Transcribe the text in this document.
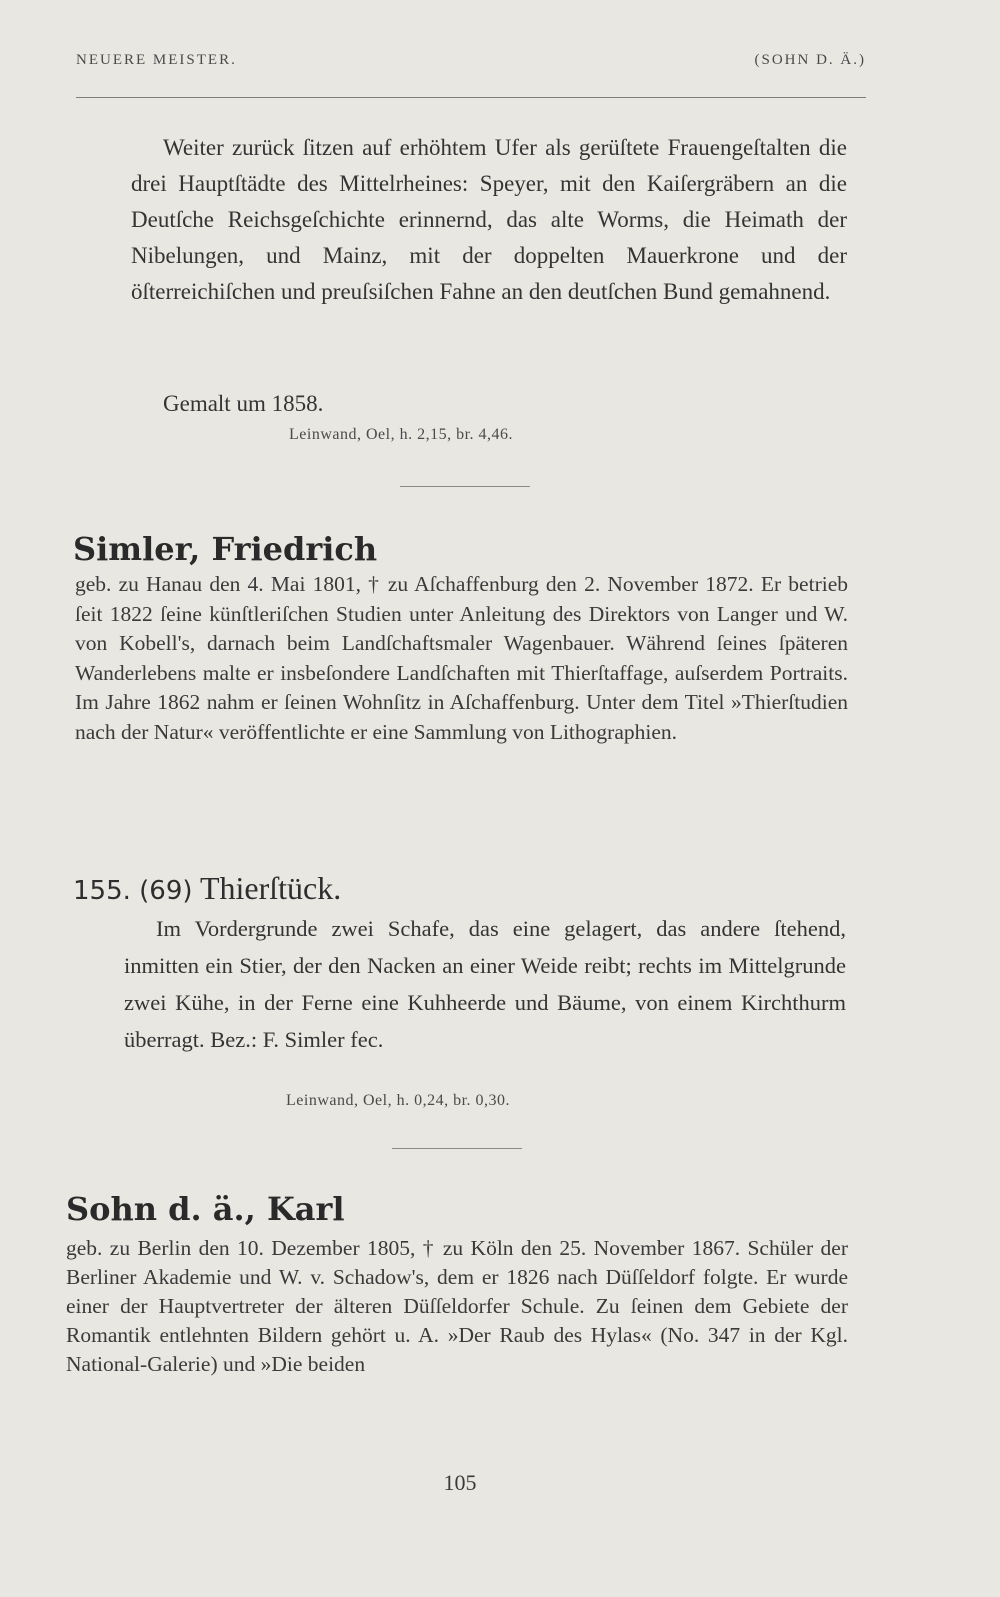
NEUERE MEISTER.	(SOHN D. Ä.)

Weiter zurück ſitzen auf erhöhtem Ufer als gerüſtete Frauengeſtalten die drei Hauptſtädte des Mittelrheines: Speyer, mit den Kaiſergräbern an die Deutſche Reichsgeſchichte erinnernd, das alte Worms, die Heimath der Nibelungen, und Mainz, mit der doppelten Mauerkrone und der öſterreichiſchen und preuſsiſchen Fahne an den deutſchen Bund gemahnend.

Gemalt um 1858.

Leinwand, Oel, h. 2,15, br. 4,46.

Simler, Friedrich

geb. zu Hanau den 4. Mai 1801, † zu Aſchaffenburg den 2. November 1872. Er betrieb ſeit 1822 ſeine künſtleriſchen Studien unter Anleitung des Direktors von Langer und W. von Kobell's, darnach beim Landſchaftsmaler Wagenbauer. Während ſeines ſpäteren Wanderlebens malte er insbeſondere Landſchaften mit Thierſtaffage, auſserdem Portraits. Im Jahre 1862 nahm er ſeinen Wohnſitz in Aſchaffenburg. Unter dem Titel »Thierſtudien nach der Natur« veröffentlichte er eine Sammlung von Lithographien.

155. (69) Thierſtück.

Im Vordergrunde zwei Schafe, das eine gelagert, das andere ſtehend, inmitten ein Stier, der den Nacken an einer Weide reibt; rechts im Mittelgrunde zwei Kühe, in der Ferne eine Kuhheerde und Bäume, von einem Kirchthurm überragt. Bez.: F. Simler fec.

Leinwand, Oel, h. 0,24, br. 0,30.

Sohn d. ä., Karl

geb. zu Berlin den 10. Dezember 1805, † zu Köln den 25. November 1867. Schüler der Berliner Akademie und W. v. Schadow's, dem er 1826 nach Düſſeldorf folgte. Er wurde einer der Hauptvertreter der älteren Düſſeldorfer Schule. Zu ſeinen dem Gebiete der Romantik entlehnten Bildern gehört u. A. »Der Raub des Hylas« (No. 347 in der Kgl. National-Galerie) und »Die beiden

105
